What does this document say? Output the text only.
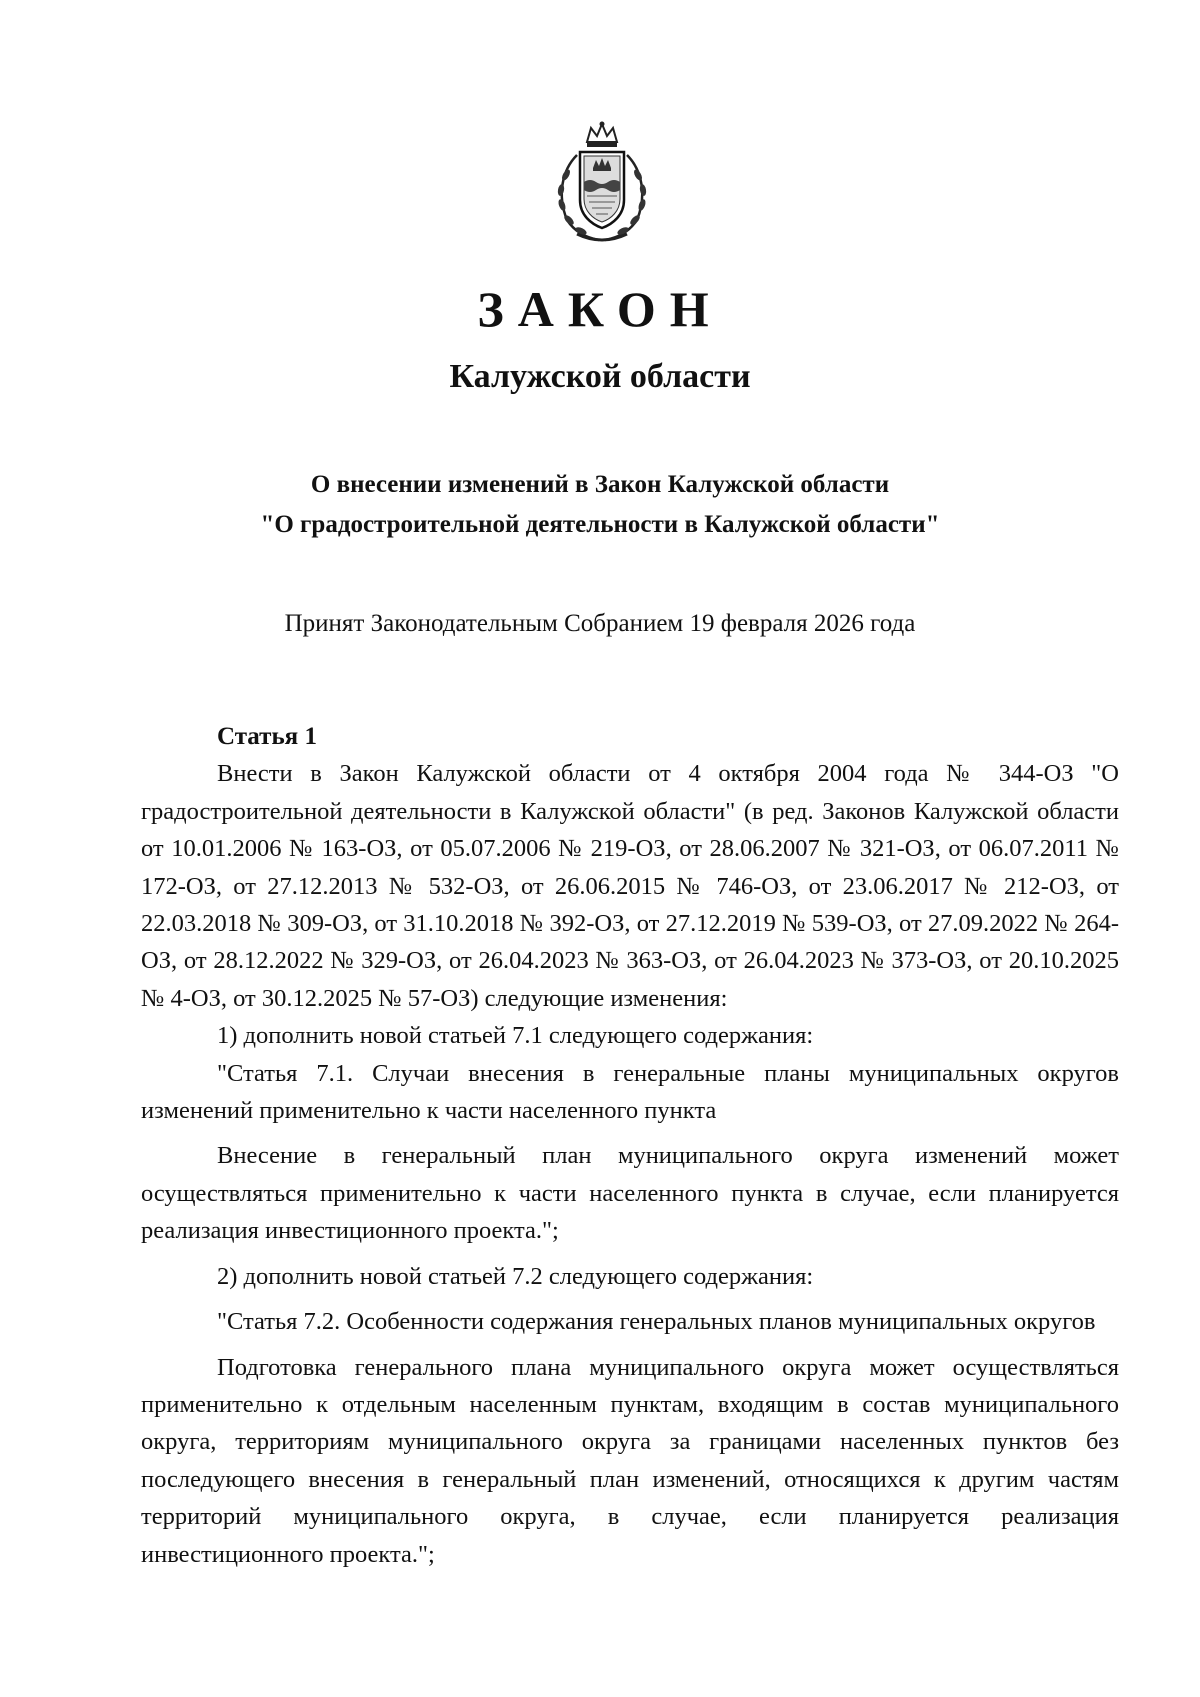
ЗАКОН
Калужской области
О внесении изменений в Закон Калужской области
"О градостроительной деятельности в Калужской области"
Принят Законодательным Собранием 19 февраля 2026 года
Статья 1

Внести в Закон Калужской области от 4 октября 2004 года № 344-ОЗ "О градостроительной деятельности в Калужской области" (в ред. Законов Калужской области от 10.01.2006 № 163-ОЗ, от 05.07.2006 № 219-ОЗ, от 28.06.2007 № 321-ОЗ, от 06.07.2011 № 172-ОЗ, от 27.12.2013 № 532-ОЗ, от 26.06.2015 № 746-ОЗ, от 23.06.2017 № 212-ОЗ, от 22.03.2018 № 309-ОЗ, от 31.10.2018 № 392-ОЗ, от 27.12.2019 № 539-ОЗ, от 27.09.2022 № 264-ОЗ, от 28.12.2022 № 329-ОЗ, от 26.04.2023 № 363-ОЗ, от 26.04.2023 № 373-ОЗ, от 20.10.2025 № 4-ОЗ, от 30.12.2025 № 57-ОЗ) следующие изменения:

1) дополнить новой статьей 7.1 следующего содержания:

"Статья 7.1. Случаи внесения в генеральные планы муниципальных округов изменений применительно к части населенного пункта

Внесение в генеральный план муниципального округа изменений может осуществляться применительно к части населенного пункта в случае, если планируется реализация инвестиционного проекта.";

2) дополнить новой статьей 7.2 следующего содержания:

"Статья 7.2. Особенности содержания генеральных планов муниципальных округов

Подготовка генерального плана муниципального округа может осуществляться применительно к отдельным населенным пунктам, входящим в состав муниципального округа, территориям муниципального округа за границами населенных пунктов без последующего внесения в генеральный план изменений, относящихся к другим частям территорий муниципального округа, в случае, если планируется реализация инвестиционного проекта.";
